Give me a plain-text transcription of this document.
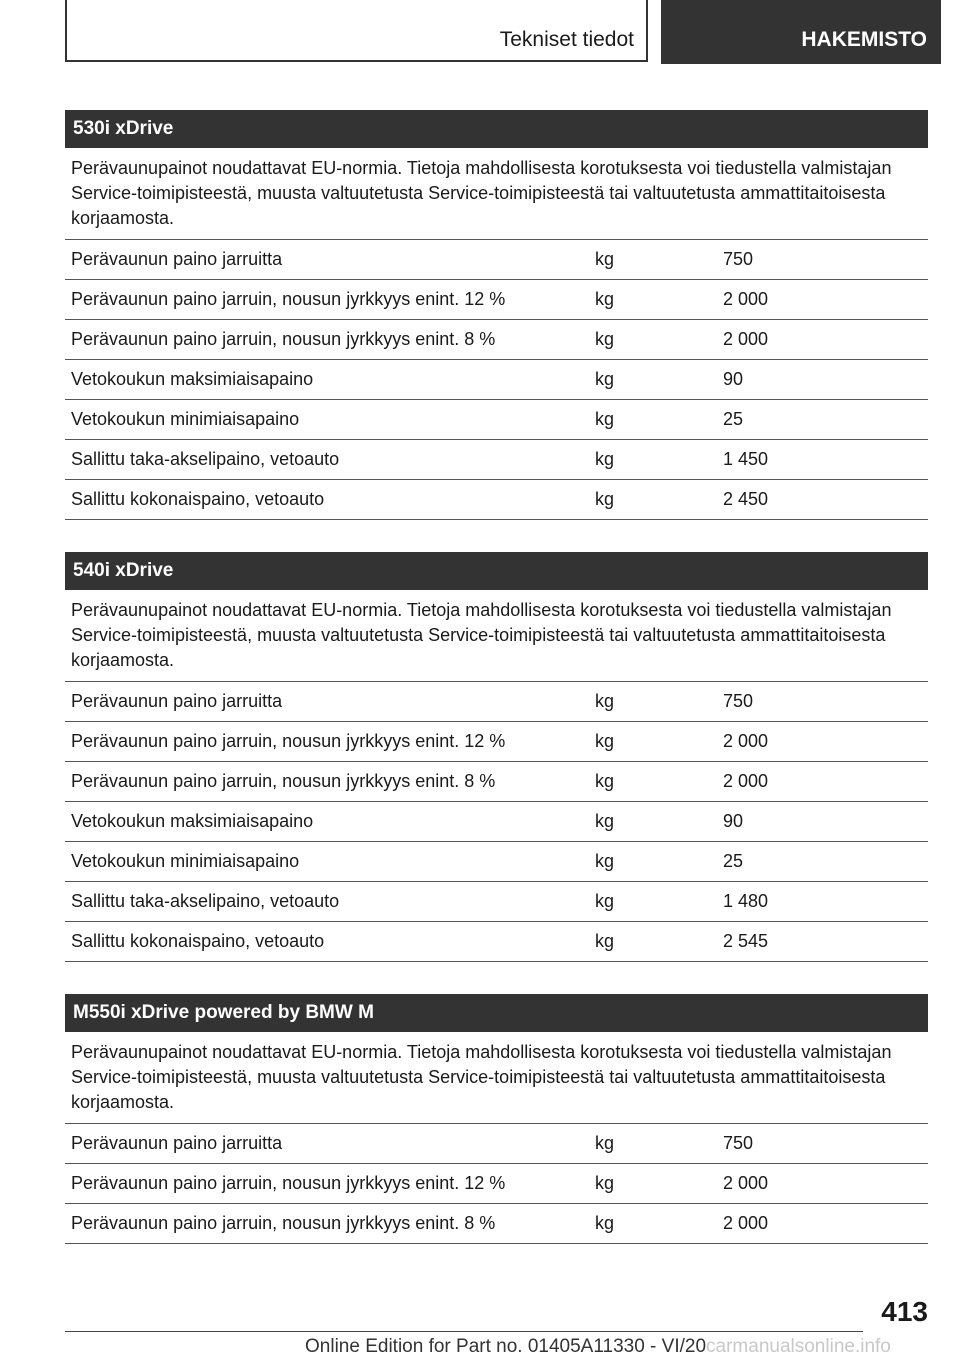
Tekniset tiedot	HAKEMISTO
530i xDrive
Perävaunupainot noudattavat EU-normia. Tietoja mahdollisesta korotuksesta voi tiedustella valmistajan Service-toimipisteestä, muusta valtuutetusta Service-toimipisteestä tai valtuutetusta ammattitaitoisesta korjaamosta.
Perävaunun paino jarruitta	kg	750
Perävaunun paino jarruin, nousun jyrkkyys enint. 12 %	kg	2 000
Perävaunun paino jarruin, nousun jyrkkyys enint. 8 %	kg	2 000
Vetokoukun maksimiaisapaino	kg	90
Vetokoukun minimiaisapaino	kg	25
Sallittu taka-akselipaino, vetoauto	kg	1 450
Sallittu kokonaispaino, vetoauto	kg	2 450
540i xDrive
Perävaunupainot noudattavat EU-normia. Tietoja mahdollisesta korotuksesta voi tiedustella valmistajan Service-toimipisteestä, muusta valtuutetusta Service-toimipisteestä tai valtuutetusta ammattitaitoisesta korjaamosta.
Perävaunun paino jarruitta	kg	750
Perävaunun paino jarruin, nousun jyrkkyys enint. 12 %	kg	2 000
Perävaunun paino jarruin, nousun jyrkkyys enint. 8 %	kg	2 000
Vetokoukun maksimiaisapaino	kg	90
Vetokoukun minimiaisapaino	kg	25
Sallittu taka-akselipaino, vetoauto	kg	1 480
Sallittu kokonaispaino, vetoauto	kg	2 545
M550i xDrive powered by BMW M
Perävaunupainot noudattavat EU-normia. Tietoja mahdollisesta korotuksesta voi tiedustella valmistajan Service-toimipisteestä, muusta valtuutetusta Service-toimipisteestä tai valtuutetusta ammattitaitoisesta korjaamosta.
Perävaunun paino jarruitta	kg	750
Perävaunun paino jarruin, nousun jyrkkyys enint. 12 %	kg	2 000
Perävaunun paino jarruin, nousun jyrkkyys enint. 8 %	kg	2 000
413
Online Edition for Part no. 01405A11330 - VI/20carmanualsonline.info
